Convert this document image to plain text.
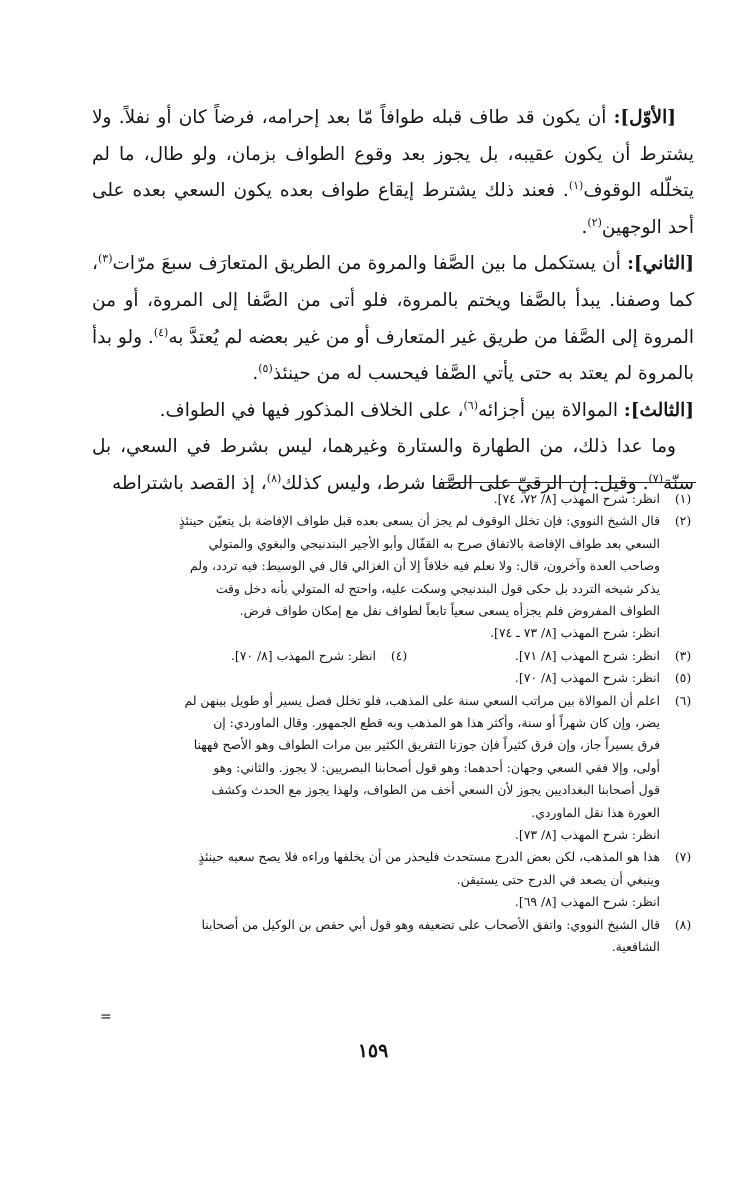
[الأوّل]: أن يكون قد طاف قبله طوافاً مّا بعد إحرامه، فرضاً كان أو نفلاً. ولا يشترط أن يكون عقيبه، بل يجوز بعد وقوع الطواف بزمان، ولو طال، ما لم يتخلّله الوقوف$^{(١)}$. فعند ذلك يشترط إيقاع طواف بعده يكون السعي بعده على أحد الوجهين$^{(٢)}$.

[الثاني]: أن يستكمل ما بين الصَّفا والمروة من الطريق المتعارَف سبعَ مرّات$^{(٣)}$، كما وصفنا. يبدأ بالصَّفا ويختم بالمروة، فلو أتى من الصَّفا إلى المروة، أو من المروة إلى الصَّفا من طريق غير المتعارف أو من غير بعضه لم يُعتدَّ به$^{(٤)}$. ولو بدأ بالمروة لم يعتد به حتى يأتي الصَّفا فيحسب له من حينئذ$^{(٥)}$.

[الثالث]: الموالاة بين أجزائه$^{(٦)}$، على الخلاف المذكور فيها في الطواف.

وما عدا ذلك، من الطهارة والستارة وغيرهما، ليس بشرط في السعي، بل سنّة$^{(٧)}$. وقيل: إن الرقيّ على الصَّفا شرط، وليس كذلك$^{(٨)}$، إذ القصد باشتراطه

(١)
انظر: شرح المهذب [٨/ ٧٢، ٧٤].
(٢)
قال الشيخ النووي: فإن تخلل الوقوف لم يجز أن يسعى بعده قبل طواف الإفاضة بل يتعيّن حينئذٍ
السعي بعد طواف الإفاضة بالاتفاق صرح به القفّال وأبو الأجير البندنيجي والبغوي والمتولي
وصاحب العدة وآخرون، قال: ولا نعلم فيه خلافاً إلا أن الغزالي قال في الوسيط: فيه تردد، ولم
يذكر شيخه التردد بل حكى قول البندنيجي وسكت عليه، واحتج له المتولي بأنه دخل وقت
الطواف المفروض فلم يجزأه يسعى سعياً تابعاً لطواف نفل مع إمكان طواف فرض.
انظر: شرح المهذب [٨/ ٧٣ ـ ٧٤].
(٣)انظر: شرح المهذب [٨/ ٧١].
(٤)انظر: شرح المهذب [٨/ ٧٠].
(٥)
انظر: شرح المهذب [٨/ ٧٠].
(٦)
اعلم أن الموالاة بين مراتب السعي سنة على المذهب، فلو تخلل فصل يسير أو طويل بينهن لم
يضر، وإن كان شهراً أو سنة، وأكثر هذا هو المذهب وبه قطع الجمهور. وقال الماوردي: إن
فرق يسيراً جاز، وإن فرق كثيراً فإن جوزنا التفريق الكثير بين مرات الطواف وهو الأصح فههنا
أولى، وإلا ففي السعي وجهان: أحدهما: وهو قول أصحابنا البصريين: لا يجوز. والثاني: وهو
قول أصحابنا البغداديين يجوز لأن السعي أخف من الطواف، ولهذا يجوز مع الحدث وكشف
العورة هذا نقل الماوردي.
انظر: شرح المهذب [٨/ ٧٣].
(٧)
هذا هو المذهب، لكن بعض الدرج مستحدث فليحذر من أن يخلفها وراءه فلا يصح سعيه حينئذٍ
وينبغي أن يصعد في الدرج حتى يستيقن.
انظر: شرح المهذب [٨/ ٦٩].
(٨)
قال الشيخ النووي: واتفق الأصحاب على تضعيفه وهو قول أبي حفص بن الوكيل من أصحابنا
الشافعية.
=
١٥٩
